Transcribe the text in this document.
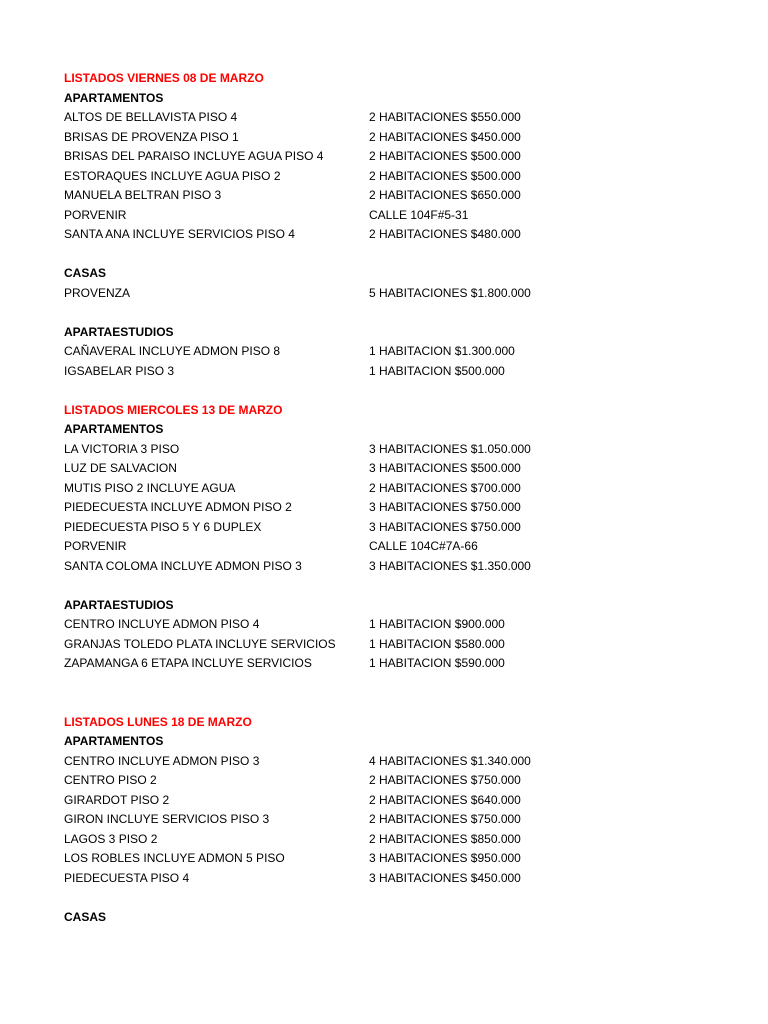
LISTADOS VIERNES 08 DE MARZO
APARTAMENTOS
ALTOS DE BELLAVISTA PISO 4	2 HABITACIONES $550.000
BRISAS DE PROVENZA PISO 1	2 HABITACIONES $450.000
BRISAS DEL PARAISO INCLUYE AGUA PISO 4	2 HABITACIONES $500.000
ESTORAQUES INCLUYE AGUA PISO 2	2 HABITACIONES $500.000
MANUELA BELTRAN PISO 3	2 HABITACIONES $650.000
PORVENIR	CALLE 104F#5-31
SANTA ANA INCLUYE SERVICIOS PISO 4	2 HABITACIONES $480.000
CASAS
PROVENZA	5 HABITACIONES $1.800.000
APARTAESTUDIOS
CAÑAVERAL INCLUYE ADMON PISO 8	1 HABITACION $1.300.000
IGSABELAR PISO 3	1 HABITACION $500.000
LISTADOS MIERCOLES 13 DE MARZO
APARTAMENTOS
LA VICTORIA 3 PISO	3 HABITACIONES $1.050.000
LUZ DE SALVACION	3 HABITACIONES $500.000
MUTIS PISO 2 INCLUYE AGUA	2 HABITACIONES $700.000
PIEDECUESTA INCLUYE ADMON PISO 2	3 HABITACIONES $750.000
PIEDECUESTA PISO 5 Y 6 DUPLEX	3 HABITACIONES $750.000
PORVENIR	CALLE 104C#7A-66
SANTA COLOMA INCLUYE ADMON PISO 3	3 HABITACIONES $1.350.000
APARTAESTUDIOS
CENTRO INCLUYE ADMON PISO 4	1 HABITACION $900.000
GRANJAS TOLEDO PLATA INCLUYE SERVICIOS	1 HABITACION $580.000
ZAPAMANGA 6 ETAPA INCLUYE SERVICIOS	1 HABITACION $590.000
LISTADOS LUNES 18 DE MARZO
APARTAMENTOS
CENTRO INCLUYE ADMON PISO 3	4 HABITACIONES $1.340.000
CENTRO PISO 2	2 HABITACIONES $750.000
GIRARDOT PISO 2	2 HABITACIONES $640.000
GIRON INCLUYE SERVICIOS PISO 3	2 HABITACIONES $750.000
LAGOS 3 PISO 2	2 HABITACIONES $850.000
LOS ROBLES INCLUYE ADMON 5 PISO	3 HABITACIONES $950.000
PIEDECUESTA PISO 4	3 HABITACIONES $450.000
CASAS
